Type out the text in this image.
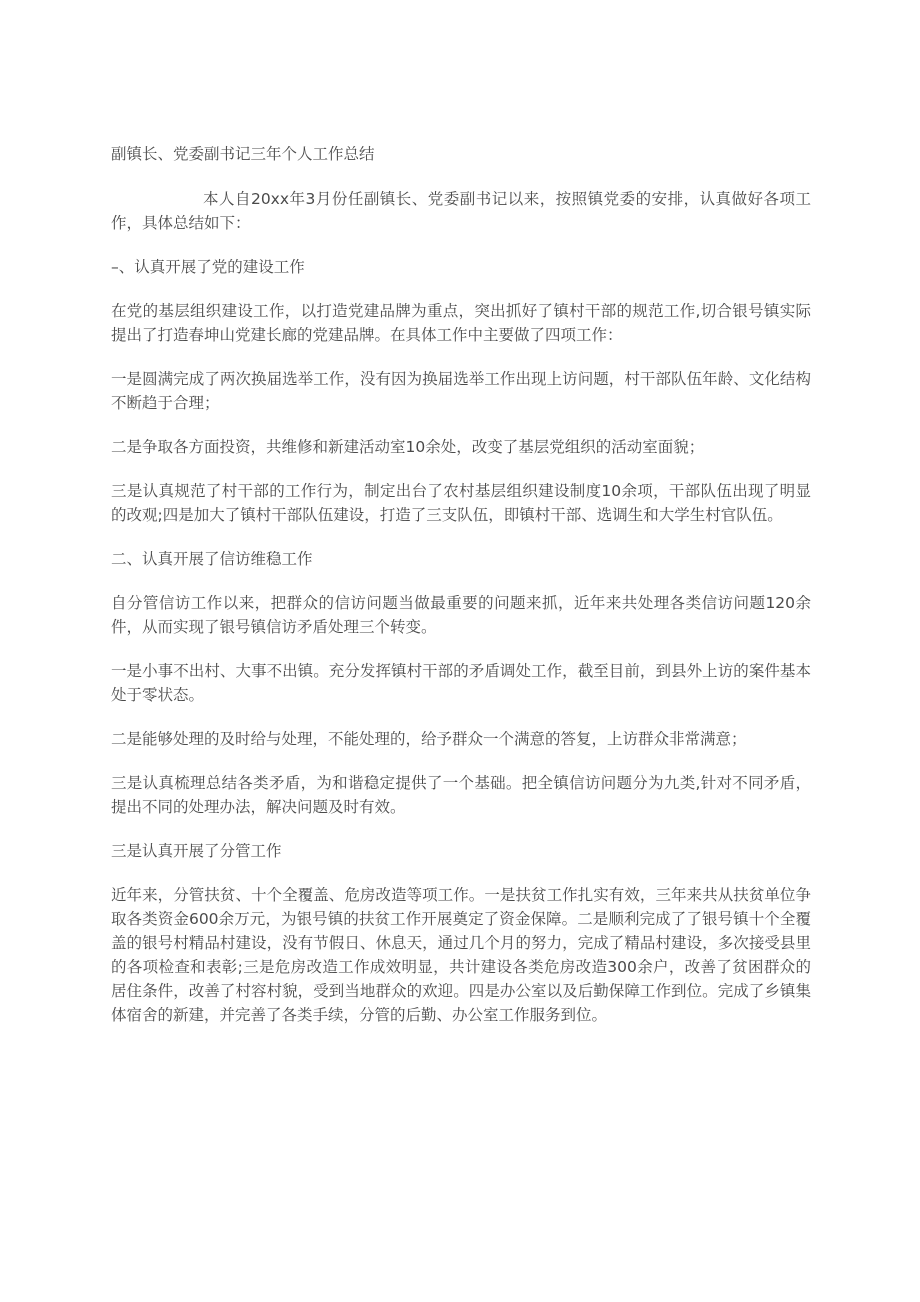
副镇长、党委副书记三年个人工作总结

本人自20xx年3月份任副镇长、党委副书记以来，按照镇党委的安排，认真做好各项工作，具体总结如下：

–、认真开展了党的建设工作

在党的基层组织建设工作，以打造党建品牌为重点，突出抓好了镇村干部的规范工作,切合银号镇实际提出了打造春坤山党建长廊的党建品牌。在具体工作中主要做了四项工作：

一是圆满完成了两次换届选举工作，没有因为换届选举工作出现上访问题，村干部队伍年龄、文化结构不断趋于合理；

二是争取各方面投资，共维修和新建活动室10余处，改变了基层党组织的活动室面貌；

三是认真规范了村干部的工作行为，制定出台了农村基层组织建设制度10余项，干部队伍出现了明显的改观;四是加大了镇村干部队伍建设，打造了三支队伍，即镇村干部、选调生和大学生村官队伍。

二、认真开展了信访维稳工作

自分管信访工作以来，把群众的信访问题当做最重要的问题来抓，近年来共处理各类信访问题120余件，从而实现了银号镇信访矛盾处理三个转变。

一是小事不出村、大事不出镇。充分发挥镇村干部的矛盾调处工作，截至目前，到县外上访的案件基本处于零状态。

二是能够处理的及时给与处理，不能处理的，给予群众一个满意的答复，上访群众非常满意；

三是认真梳理总结各类矛盾，为和谐稳定提供了一个基础。把全镇信访问题分为九类,针对不同矛盾，提出不同的处理办法，解决问题及时有效。

三是认真开展了分管工作

近年来，分管扶贫、十个全覆盖、危房改造等项工作。一是扶贫工作扎实有效，三年来共从扶贫单位争取各类资金600余万元，为银号镇的扶贫工作开展奠定了资金保障。二是顺利完成了了银号镇十个全覆盖的银号村精品村建设，没有节假日、休息天，通过几个月的努力，完成了精品村建设，多次接受县里的各项检查和表彰;三是危房改造工作成效明显，共计建设各类危房改造300余户，改善了贫困群众的居住条件，改善了村容村貌，受到当地群众的欢迎。四是办公室以及后勤保障工作到位。完成了乡镇集体宿舍的新建，并完善了各类手续，分管的后勤、办公室工作服务到位。
